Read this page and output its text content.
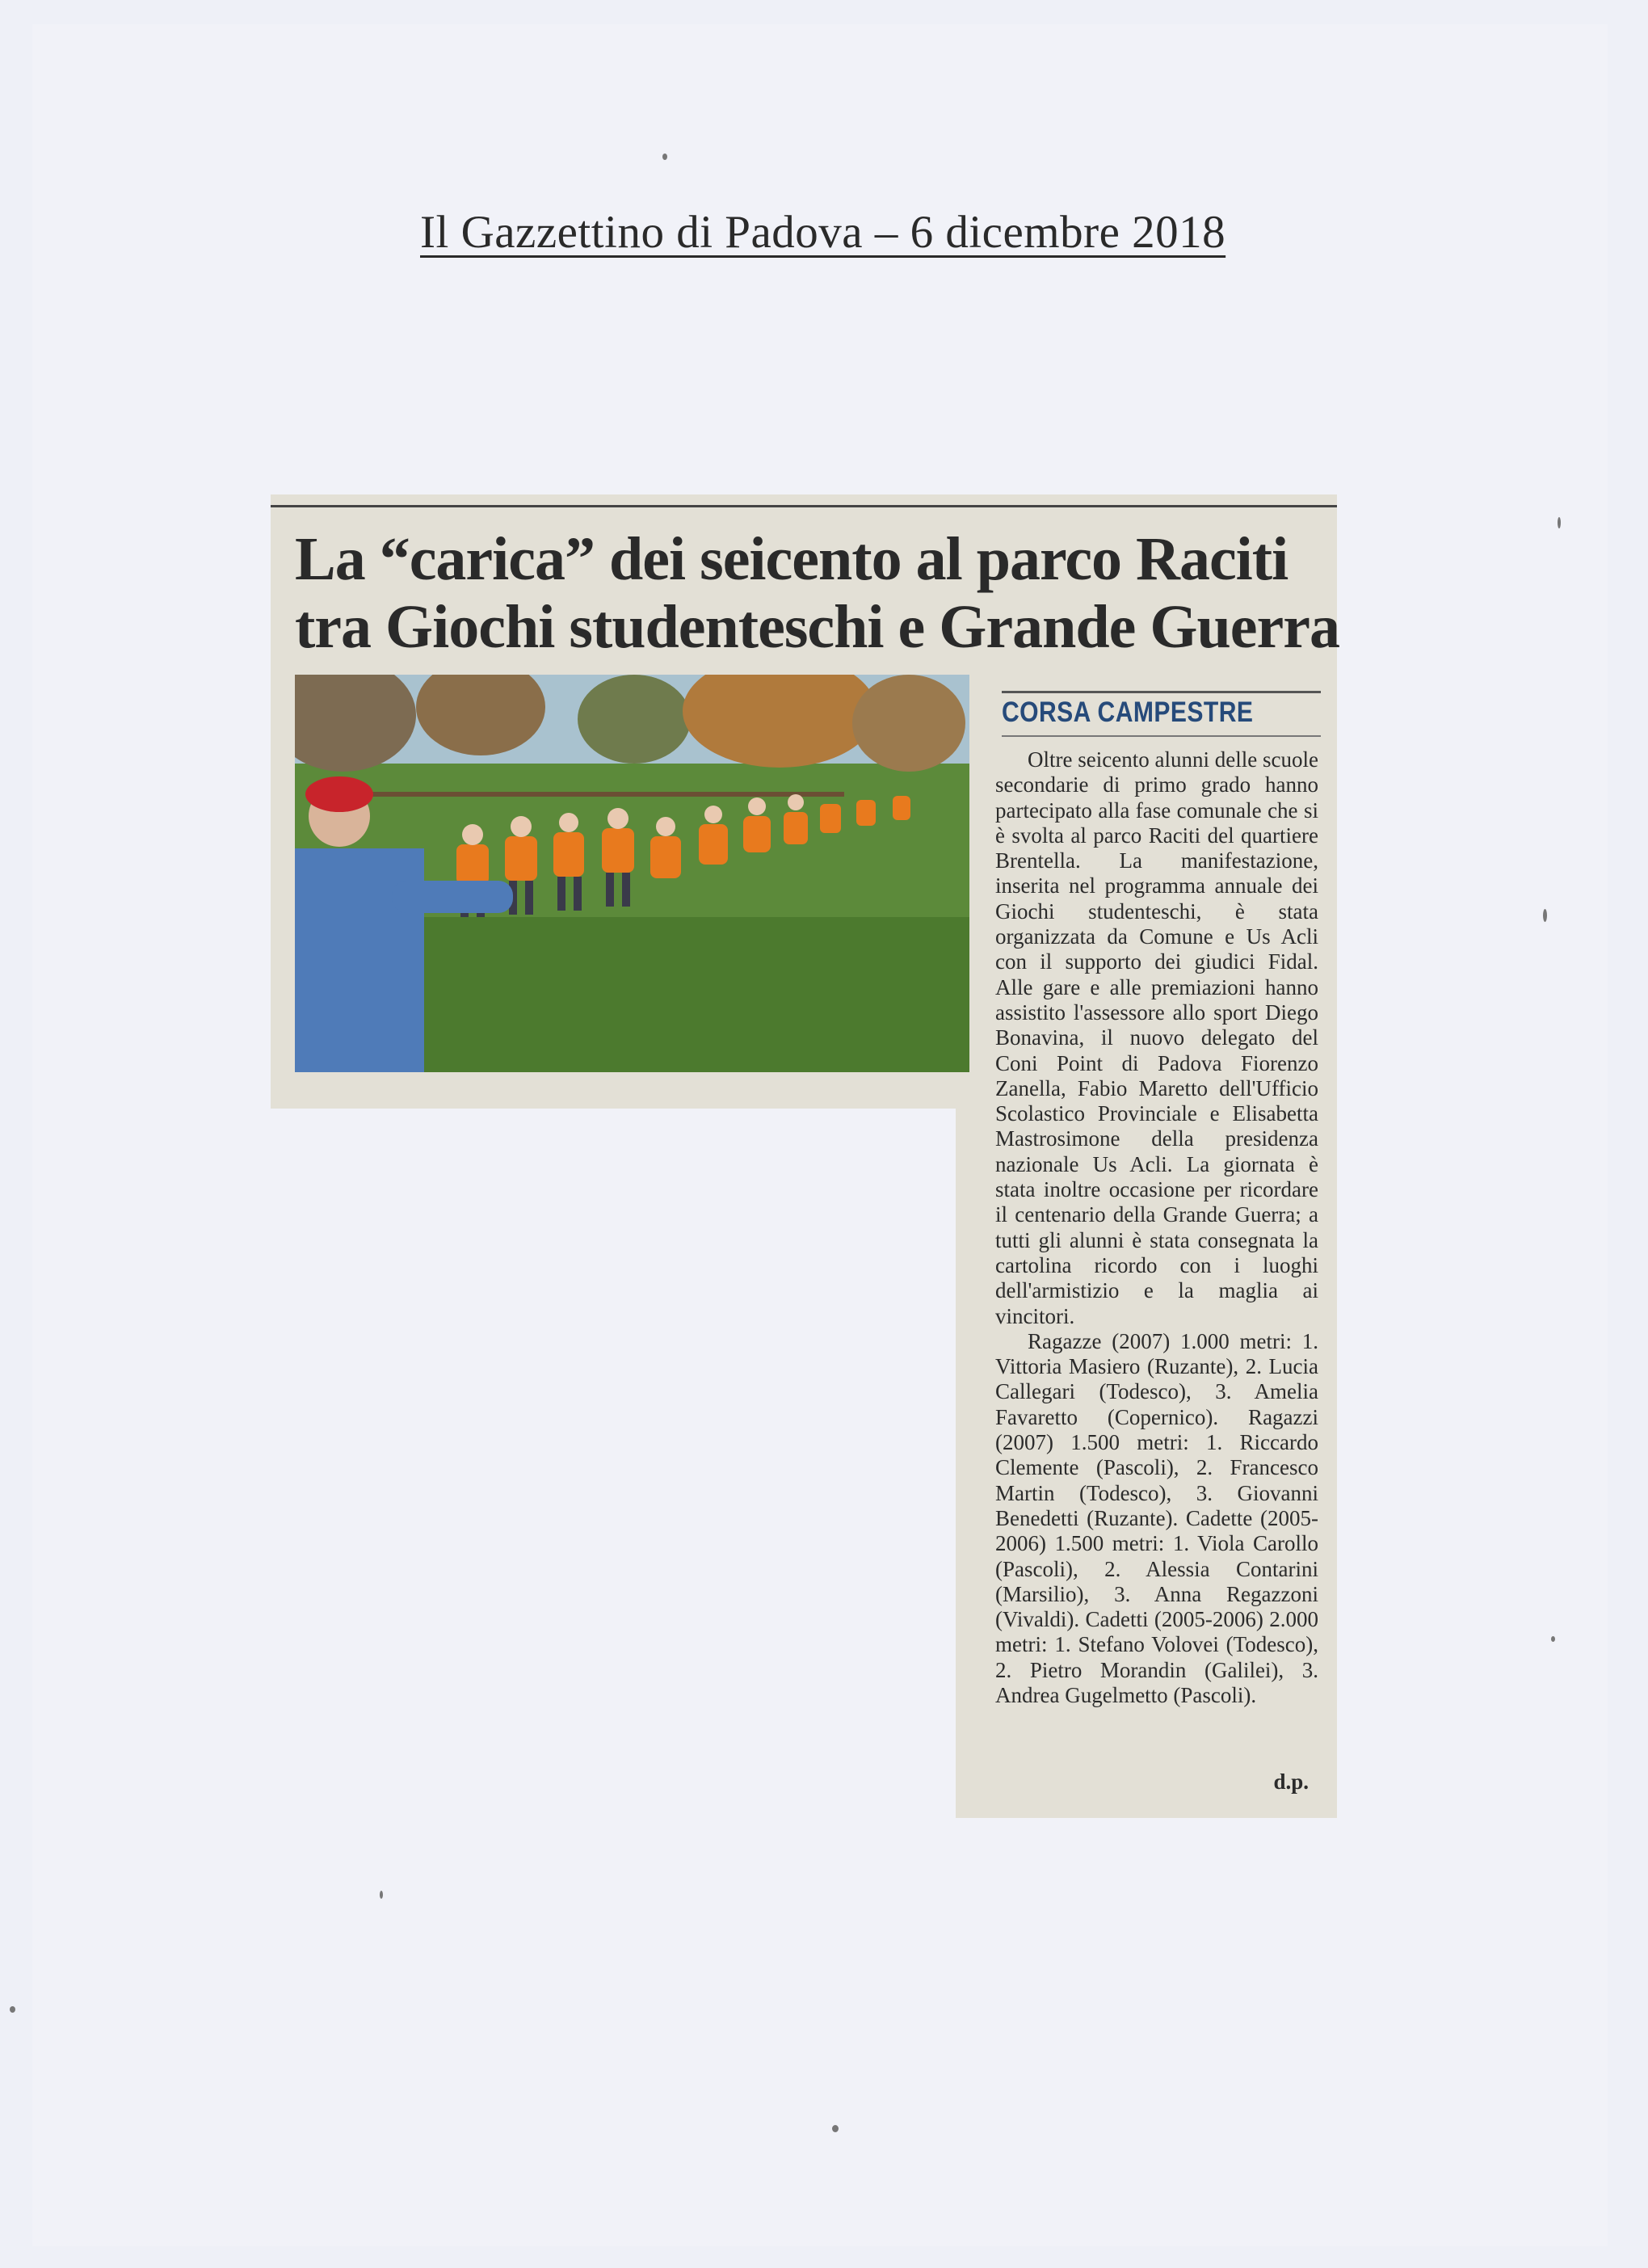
Il Gazzettino di Padova – 6 dicembre 2018
La “carica” dei seicento al parco Raciti
tra Giochi studenteschi e Grande Guerra
CORSA CAMPESTRE

Oltre seicento alunni delle scuole secondarie di primo grado hanno partecipato alla fase comunale che si è svolta al parco Raciti del quartiere Brentella. La manifestazione, inserita nel programma annuale dei Giochi studenteschi, è stata organizzata da Comune e Us Acli con il supporto dei giudici Fidal. Alle gare e alle premiazioni hanno assistito l'assessore allo sport Diego Bonavina, il nuovo delegato del Coni Point di Padova Fiorenzo Zanella, Fabio Maretto dell'Ufficio Scolastico Provinciale e Elisabetta Mastrosimone della presidenza nazionale Us Acli. La giornata è stata inoltre occasione per ricordare il centenario della Grande Guerra; a tutti gli alunni è stata consegnata la cartolina ricordo con i luoghi dell'armistizio e la maglia ai vincitori.

Ragazze (2007) 1.000 metri: 1. Vittoria Masiero (Ruzante), 2. Lucia Callegari (Todesco), 3. Amelia Favaretto (Copernico). Ragazzi (2007) 1.500 metri: 1. Riccardo Clemente (Pascoli), 2. Francesco Martin (Todesco), 3. Giovanni Benedetti (Ruzante). Cadette (2005-2006) 1.500 metri: 1. Viola Carollo (Pascoli), 2. Alessia Contarini (Marsilio), 3. Anna Regazzoni (Vivaldi). Cadetti (2005-2006) 2.000 metri: 1. Stefano Volovei (Todesco), 2. Pietro Morandin (Galilei), 3. Andrea Gugelmetto (Pascoli).

d.p.
